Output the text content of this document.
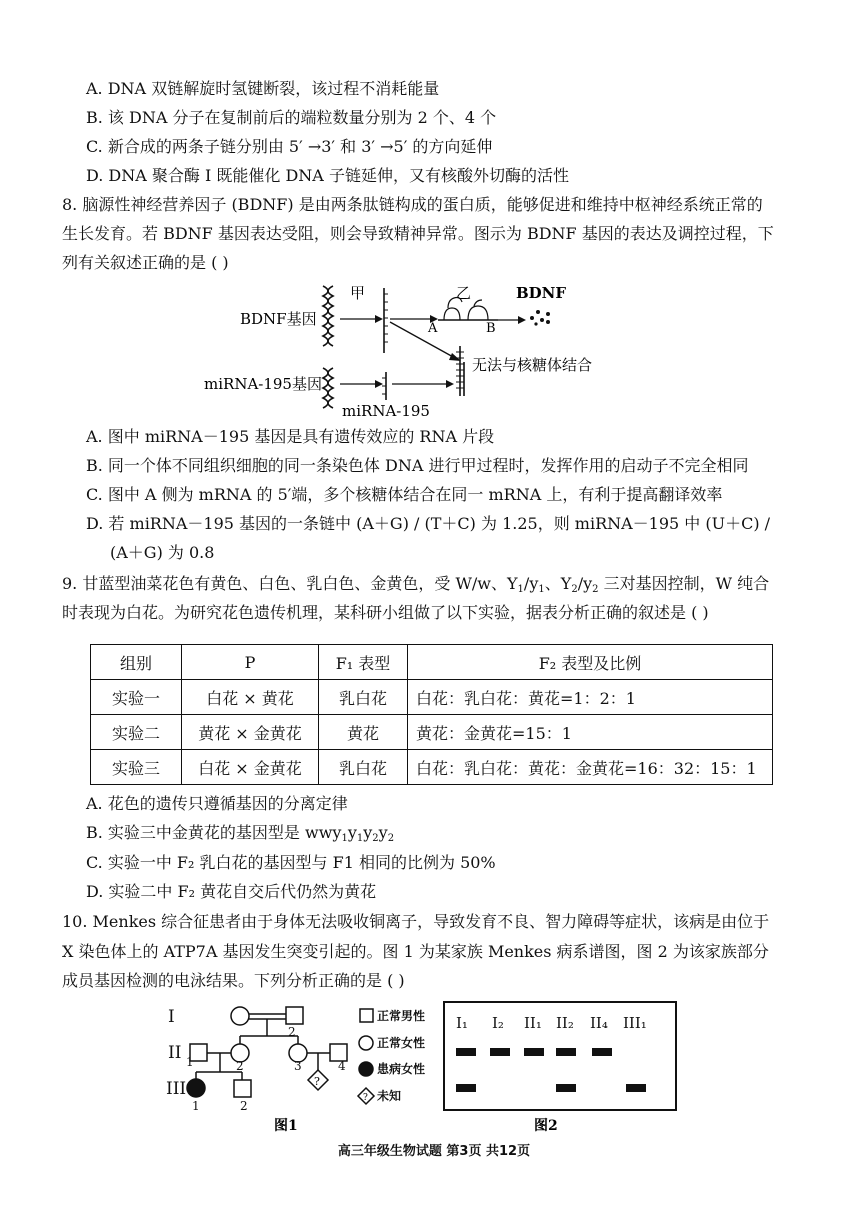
A. DNA 双链解旋时氢键断裂，该过程不消耗能量
B. 该 DNA 分子在复制前后的端粒数量分别为 2 个、4 个
C. 新合成的两条子链分别由 5′ →3′ 和 3′ →5′ 的方向延伸
D. DNA 聚合酶 I 既能催化 DNA 子链延伸，又有核酸外切酶的活性
8. 脑源性神经营养因子 (BDNF) 是由两条肽链构成的蛋白质，能够促进和维持中枢神经系统正常的
生长发育。若 BDNF 基因表达受阻，则会导致精神异常。图示为 BDNF 基因的表达及调控过程，下
列有关叙述正确的是 ( )
BDNF基因
甲
A	B
乙	BDNF
无法与核糖体结合
miRNA-195基因
miRNA-195
A. 图中 miRNA－195 基因是具有遗传效应的 RNA 片段
B. 同一个体不同组织细胞的同一条染色体 DNA 进行甲过程时，发挥作用的启动子不完全相同
C. 图中 A 侧为 mRNA 的 5′端，多个核糖体结合在同一 mRNA 上，有利于提高翻译效率
D. 若 miRNA－195 基因的一条链中 (A＋G) / (T＋C) 为 1.25，则 miRNA－195 中 (U＋C) /
(A＋G) 为 0.8
9. 甘蓝型油菜花色有黄色、白色、乳白色、金黄色，受 W/w、$Y_1/y_1$、$Y_2/y_2$ 三对基因控制，W 纯合
时表现为白花。为研究花色遗传机理，某科研小组做了以下实验，据表分析正确的叙述是 ( )
组别	P	F₁ 表型	F₂ 表型及比例
实验一	白花 × 黄花	乳白花	白花：乳白花：黄花=1：2：1
实验二	黄花 × 金黄花	黄花	黄花：金黄花=15：1
实验三	白花 × 金黄花	乳白花	白花：乳白花：黄花：金黄花=16：32：15：1
A. 花色的遗传只遵循基因的分离定律
B. 实验三中金黄花的基因型是 $wwy_1y_1y_2y_2$
C. 实验一中 F₂ 乳白花的基因型与 F1 相同的比例为 50%
D. 实验二中 F₂ 黄花自交后代仍然为黄花
10. Menkes 综合征患者由于身体无法吸收铜离子，导致发育不良、智力障碍等症状，该病是由位于
X 染色体上的 ATP7A 基因发生突变引起的。图 1 为某家族 Menkes 病系谱图，图 2 为该家族部分
成员基因检测的电泳结果。下列分析正确的是 ( )
I
II
III	?
2
1	2	3	4
1	2
?
正常男性
正常女性
患病女性
未知
图1
I₁ I₂ II₁ II₂ II₄ III₁
图2
高三年级生物试题 第3页 共12页
